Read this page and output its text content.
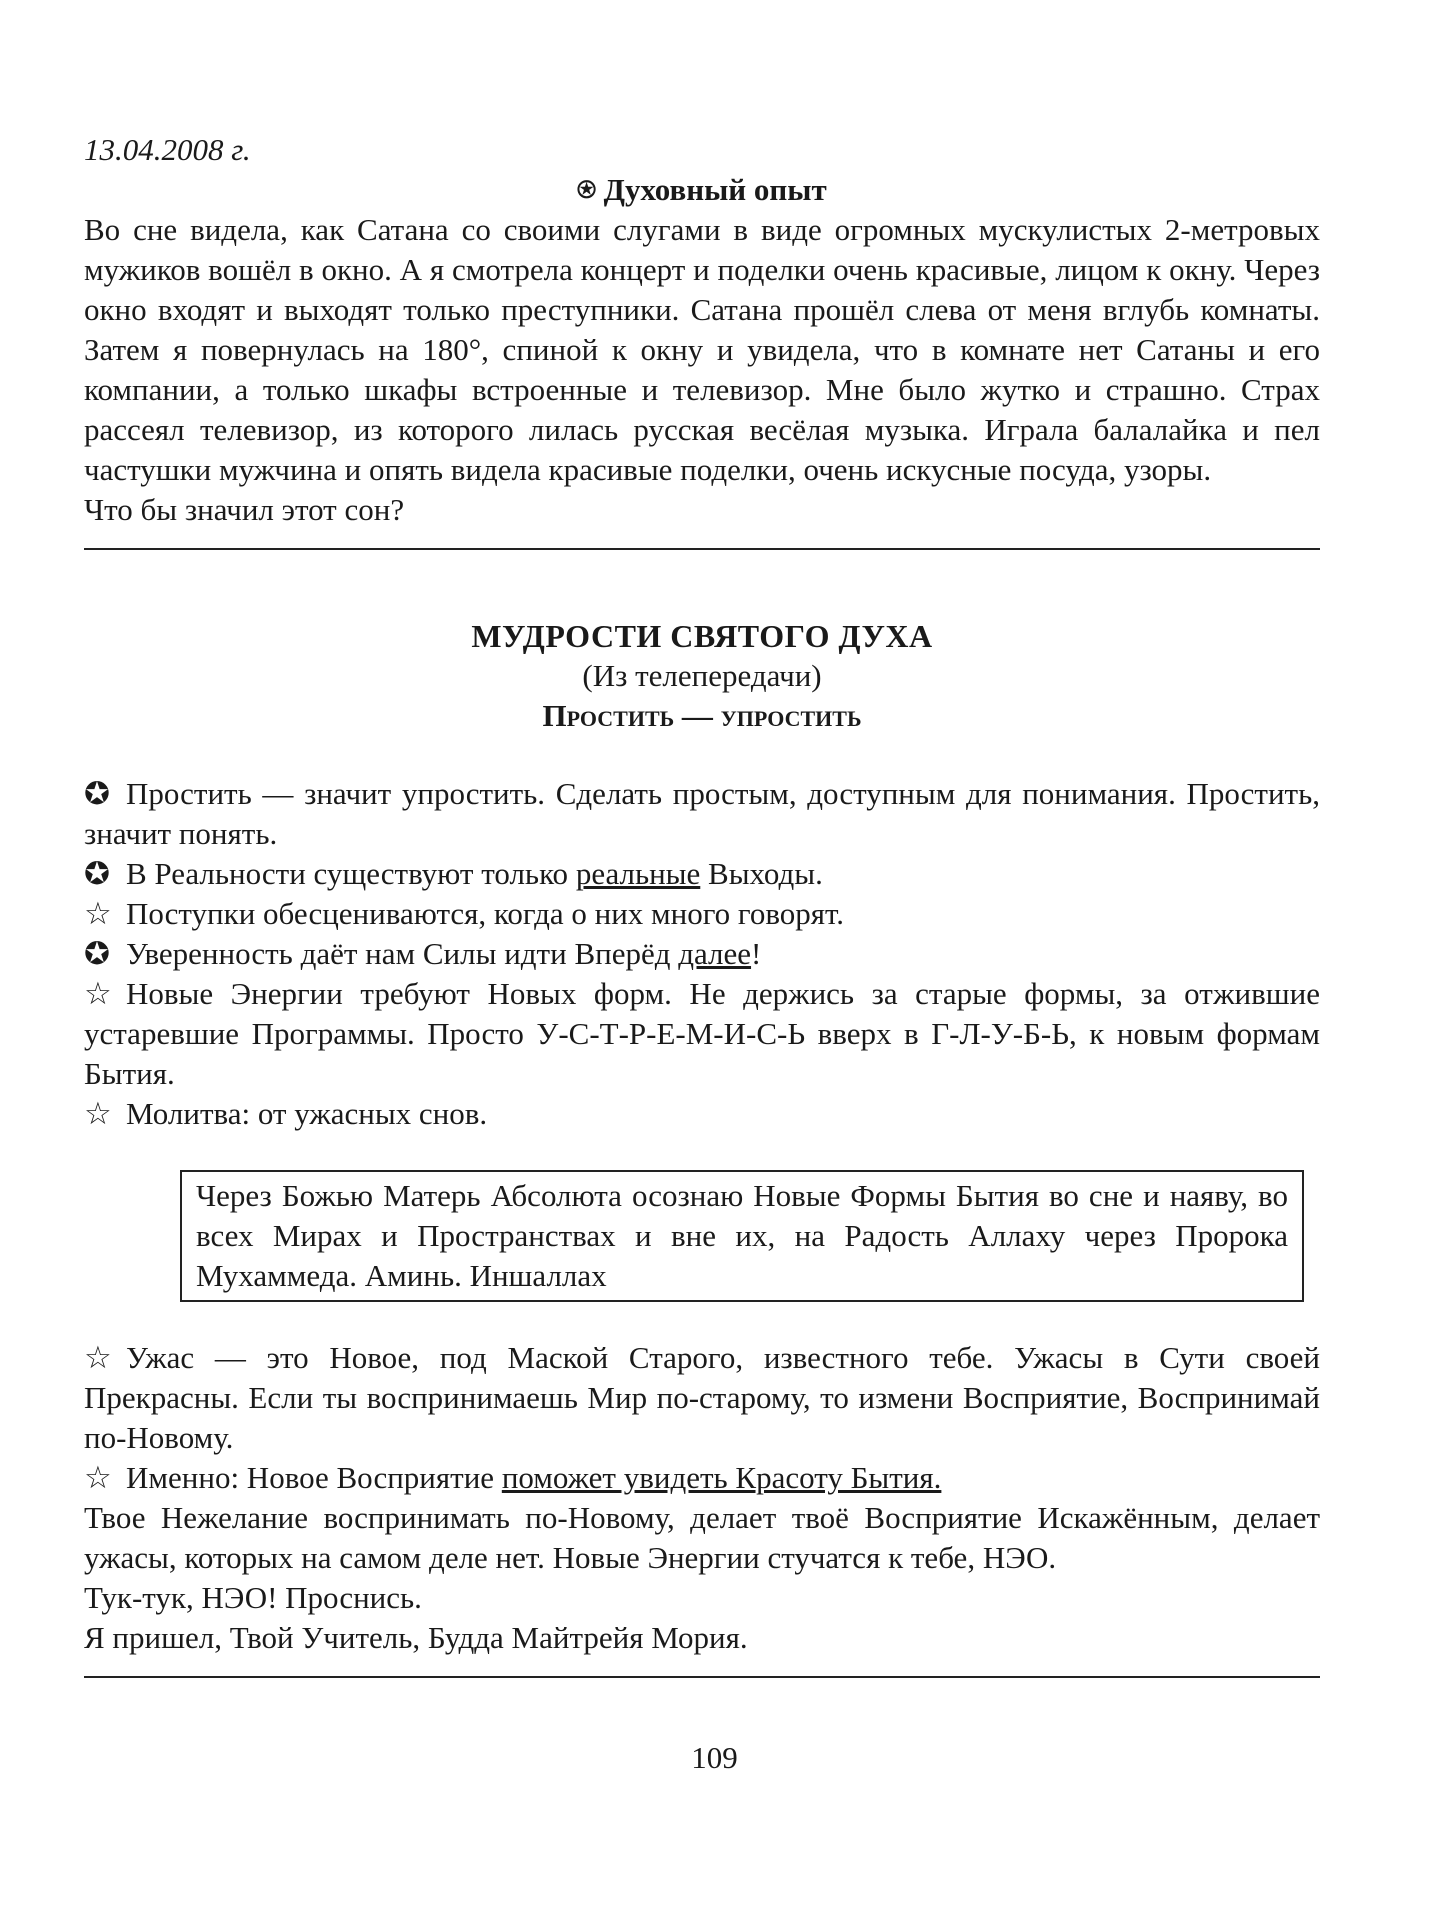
13.04.2008 г.

⍟ Духовный опыт

Во сне видела, как Сатана со своими слугами в виде огромных мускулистых 2-метровых мужиков вошёл в окно. А я смотрела концерт и поделки очень красивые, лицом к окну. Через окно входят и выходят только преступники. Сатана прошёл слева от меня вглубь комнаты. Затем я повернулась на 180°, спиной к окну и увидела, что в комнате нет Сатаны и его компании, а только шкафы встроенные и телевизор. Мне было жутко и страшно. Страх рассеял телевизор, из которого лилась русская весёлая музыка. Играла балалайка и пел частушки мужчина и опять видела красивые поделки, очень искусные посуда, узоры.

Что бы значил этот сон?

МУДРОСТИ СВЯТОГО ДУХА

(Из телепередачи)

Простить — упростить

✪ Простить — значит упростить. Сделать простым, доступным для понимания. Простить, значит понять.

✪ В Реальности существуют только реальные Выходы.

☆ Поступки обесцениваются, когда о них много говорят.

✪ Уверенность даёт нам Силы идти Вперёд далее!

☆ Новые Энергии требуют Новых форм. Не держись за старые формы, за отжившие устаревшие Программы. Просто У-С-Т-Р-Е-М-И-С-Ь вверх в Г-Л-У-Б-Ь, к новым формам Бытия.

☆ Молитва: от ужасных снов.

Через Божью Матерь Абсолюта осознаю Новые Формы Бытия во сне и наяву, во всех Мирах и Пространствах и вне их, на Радость Аллаху через Пророка Мухаммеда. Аминь. Иншаллах

☆ Ужас — это Новое, под Маской Старого, известного тебе. Ужасы в Сути своей Прекрасны. Если ты воспринимаешь Мир по-старому, то измени Восприятие, Воспринимай по-Новому.

☆ Именно: Новое Восприятие поможет увидеть Красоту Бытия.

Твое Нежелание воспринимать по-Новому, делает твоё Восприятие Искажённым, делает ужасы, которых на самом деле нет. Новые Энергии стучатся к тебе, НЭО.

Тук-тук, НЭО! Проснись.

Я пришел, Твой Учитель, Будда Майтрейя Мория.

109
